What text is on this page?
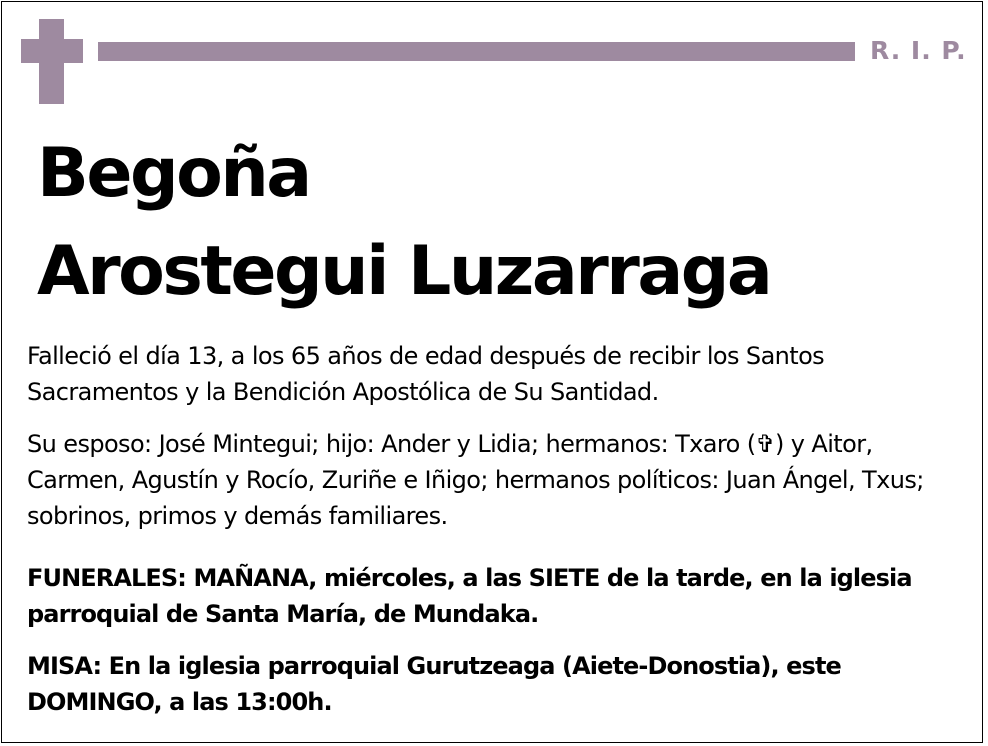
R. I. P.
Begoña
Arostegui Luzarraga
Falleció el día 13, a los 65 años de edad después de recibir los Santos Sacramentos y la Bendición Apostólica de Su Santidad.
Su esposo: José Mintegui; hijo: Ander y Lidia; hermanos: Txaro (✞) y Aitor, Carmen, Agustín y Rocío, Zuriñe e Iñigo; hermanos políticos: Juan Ángel, Txus; sobrinos, primos y demás familiares.
FUNERALES: MAÑANA, miércoles, a las SIETE de la tarde, en la iglesia parroquial de Santa María, de Mundaka.
MISA: En la iglesia parroquial Gurutzeaga (Aiete-Donostia), este DOMINGO, a las 13:00h.
